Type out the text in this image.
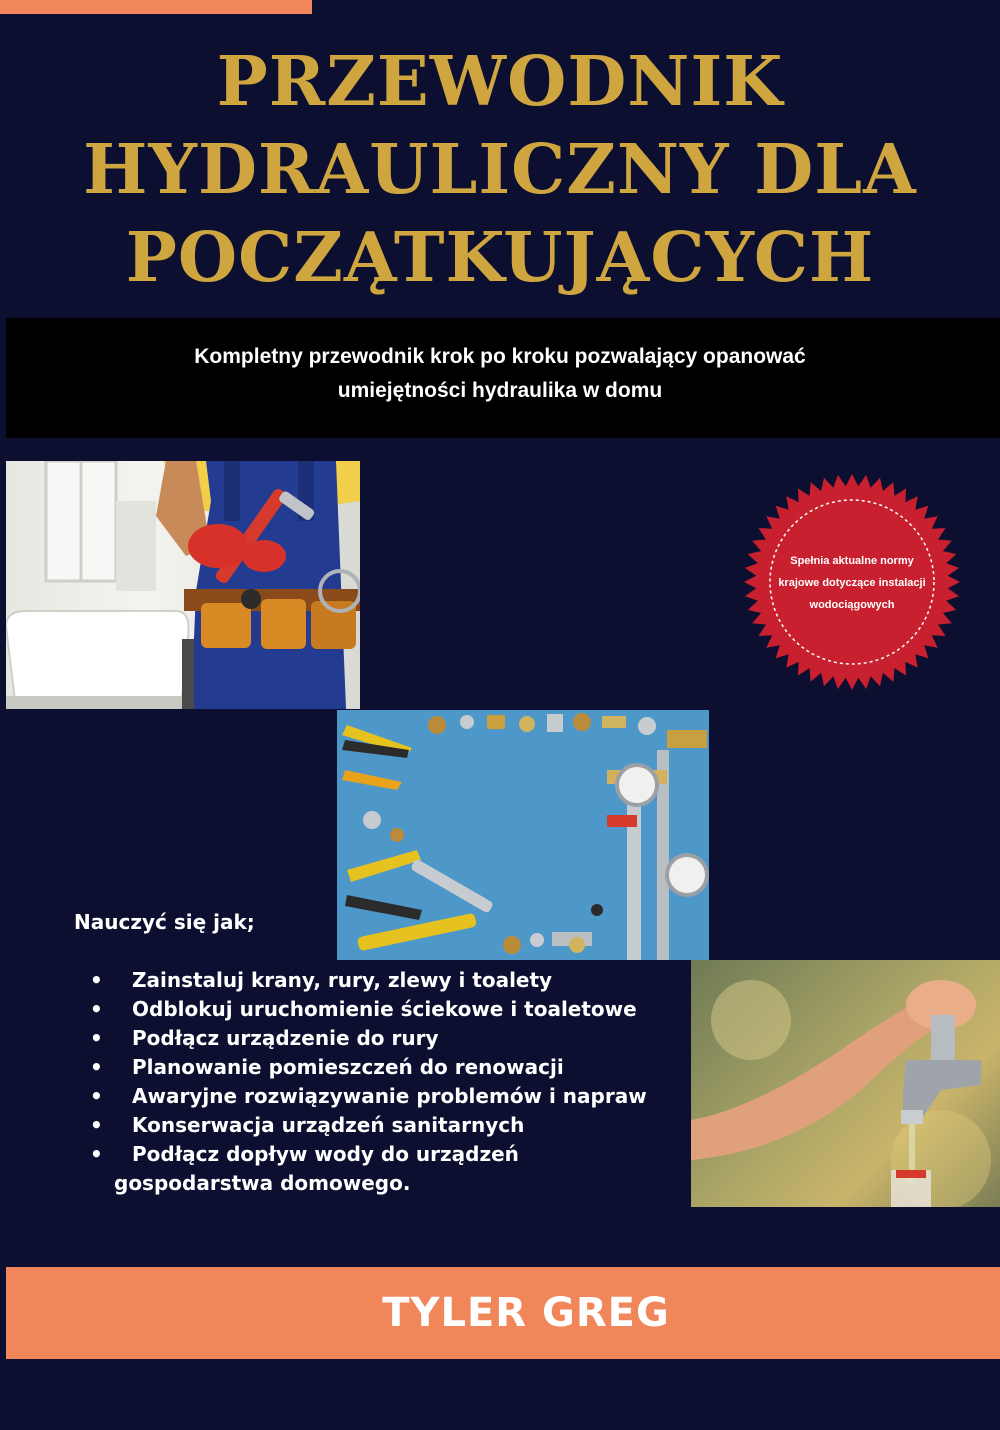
PRZEWODNIK
HYDRAULICZNY DLA
POCZĄTKUJĄCYCH
Kompletny przewodnik krok po kroku pozwalający opanować
umiejętności hydraulika w domu
Spełnia aktualne normy
krajowe dotyczące instalacji
wodociągowych
Nauczyć się jak;
• Zainstaluj krany, rury, zlewy i toalety
• Odblokuj uruchomienie ściekowe i toaletowe
• Podłącz urządzenie do rury
• Planowanie pomieszczeń do renowacji
• Awaryjne rozwiązywanie problemów i napraw
• Konserwacja urządzeń sanitarnych
• Podłącz dopływ wody do urządzeń gospodarstwa domowego.
TYLER GREG
